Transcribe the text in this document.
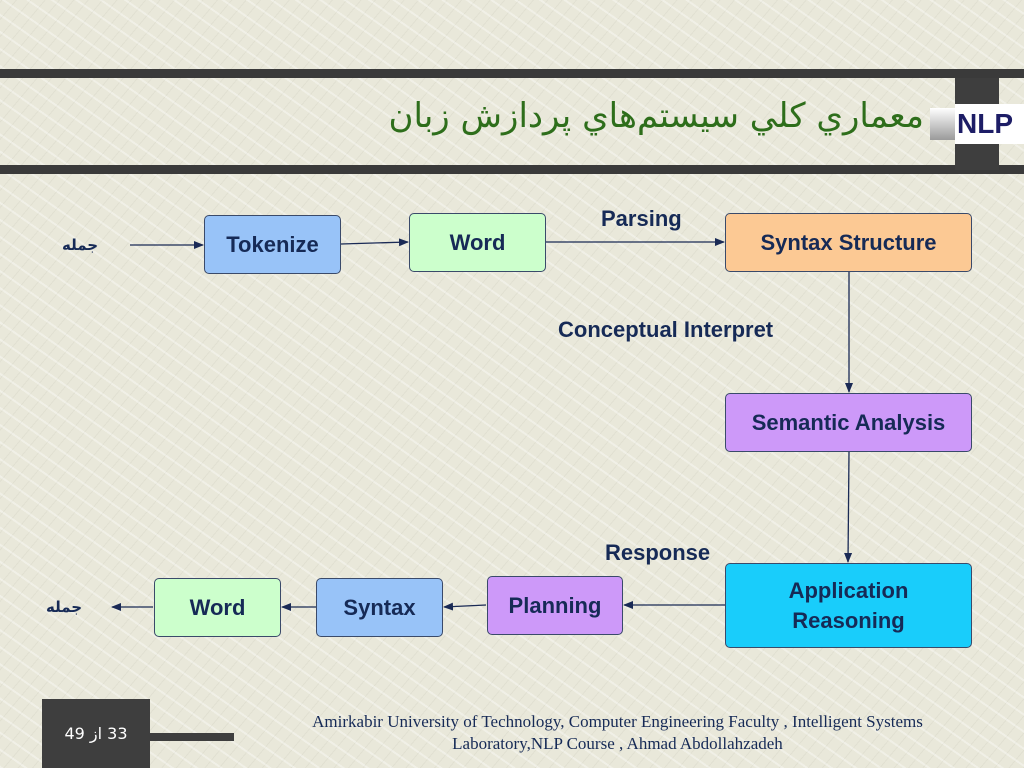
معماري كلي سيستم‌هاي پردازش زبان NLP
جمله
جمله
Parsing
Conceptual Interpret
Response
Tokenize	Word	Syntax Structure
Semantic Analysis
Application Reasoning
Planning
Syntax
Word
33 از 49
Amirkabir University of Technology, Computer Engineering Faculty , Intelligent Systems
Laboratory,NLP Course , Ahmad Abdollahzadeh
